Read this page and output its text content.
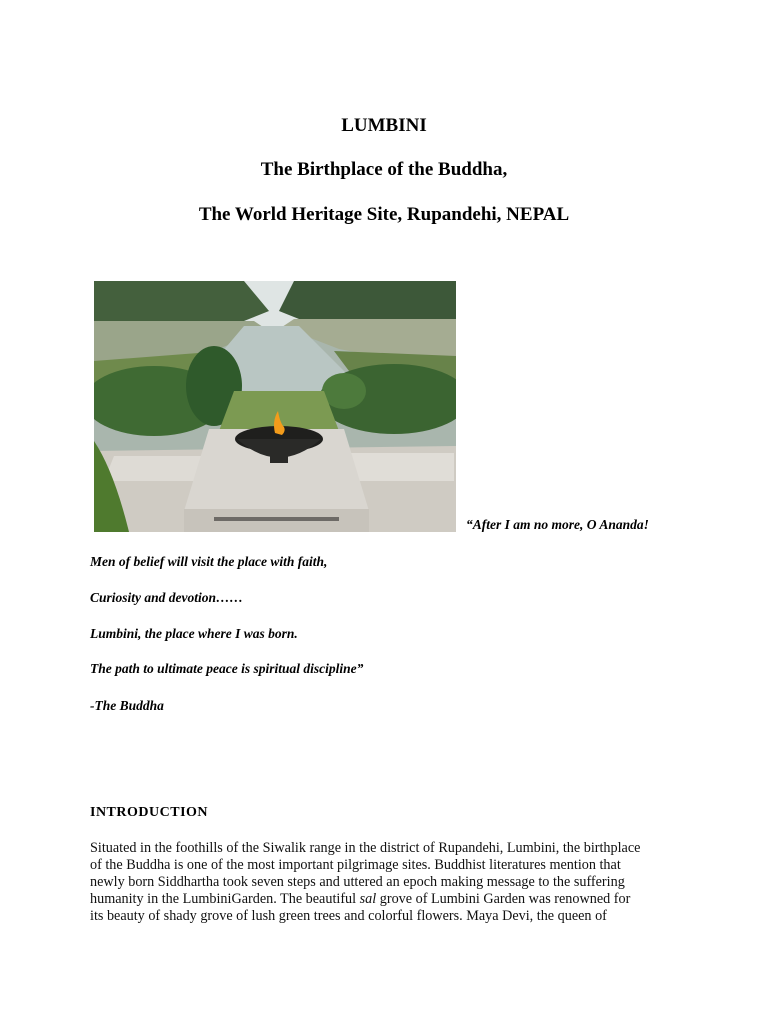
LUMBINI
The Birthplace of the Buddha,
The World Heritage Site, Rupandehi, NEPAL

“After I am no more, O Ananda!

Men of belief will visit the place with faith,

Curiosity and devotion……

Lumbini, the place where I was born.

The path to ultimate peace is spiritual discipline”

-The Buddha

INTRODUCTION

Situated in the foothills of the Siwalik range in the district of Rupandehi, Lumbini, the birthplace
of the Buddha is one of the most important pilgrimage sites. Buddhist literatures mention that
newly born Siddhartha took seven steps and uttered an epoch making message to the suffering
humanity in the LumbiniGarden. The beautiful sal grove of Lumbini Garden was renowned for
its beauty of shady grove of lush green trees and colorful flowers. Maya Devi, the queen of
